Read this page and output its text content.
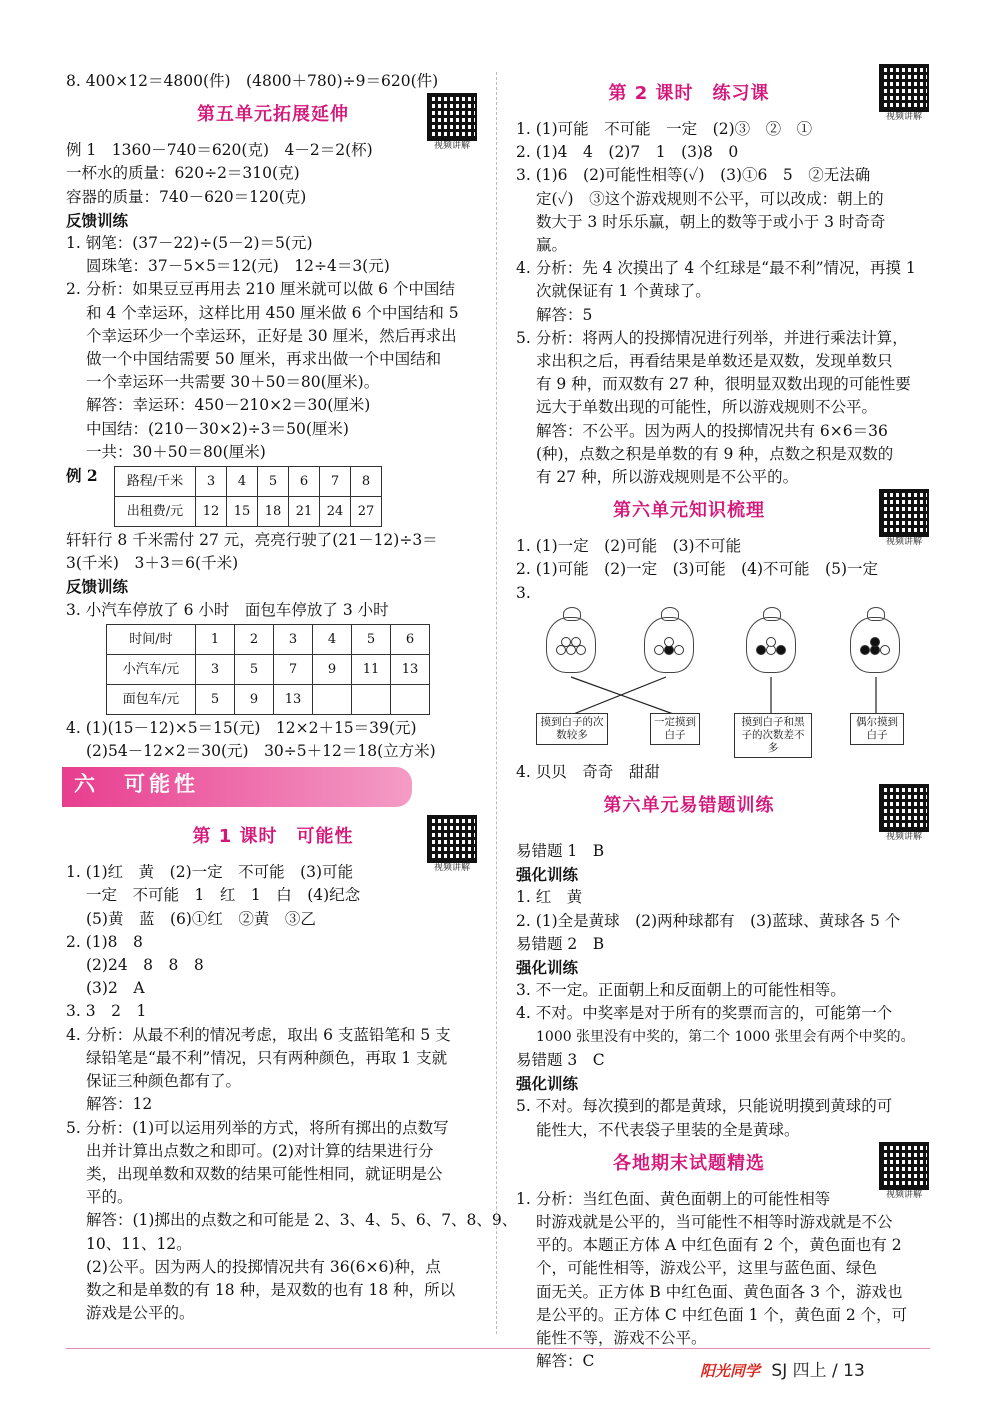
8. 400×12＝4800(件)　(4800＋780)÷9＝620(件)
第五单元拓展延伸
视频讲解
例 1　1360－740＝620(克)　4－2＝2(杯)
一杯水的质量：620÷2＝310(克)
容器的质量：740－620＝120(克)
反馈训练
1. 钢笔：(37－22)÷(5－2)＝5(元)
圆珠笔：37－5×5＝12(元)　12÷4＝3(元)
2. 分析：如果豆豆再用去 210 厘米就可以做 6 个中国结
和 4 个幸运环，这样比用 450 厘米做 6 个中国结和 5
个幸运环少一个幸运环，正好是 30 厘米，然后再求出
做一个中国结需要 50 厘米，再求出做一个中国结和
一个幸运环一共需要 30＋50＝80(厘米)。
解答：幸运环：450－210×2＝30(厘米)
中国结：(210－30×2)÷3＝50(厘米)
一共：30＋50＝80(厘米)
例 2	路程/千米	3	4	5	6	7	8
出租费/元	12	15	18	21	24	27
轩轩行 8 千米需付 27 元，亮亮行驶了(21－12)÷3＝
3(千米)　3＋3＝6(千米)
反馈训练
3. 小汽车停放了 6 小时　面包车停放了 3 小时
时间/时	1	2	3	4	5	6
小汽车/元	3	5	7	9	11	13
面包车/元	5	9	13			
4. (1)(15－12)×5＝15(元)　12×2＋15＝39(元)
(2)54－12×2＝30(元)　30÷5＋12＝18(立方米)
六　可能性
第 1 课时　可能性
视频讲解
1. (1)红　黄　(2)一定　不可能　(3)可能
一定　不可能　1　红　1　白　(4)纪念
(5)黄　蓝　(6)①红　②黄　③乙
2. (1)8　8
(2)24　8　8　8
(3)2　A
3. 3　2　1
4. 分析：从最不利的情况考虑，取出 6 支蓝铅笔和 5 支
绿铅笔是“最不利”情况，只有两种颜色，再取 1 支就
保证三种颜色都有了。
解答：12
5. 分析：(1)可以运用列举的方式，将所有掷出的点数写
出并计算出点数之和即可。(2)对计算的结果进行分
类，出现单数和双数的结果可能性相同，就证明是公
平的。
解答：(1)掷出的点数之和可能是 2、3、4、5、6、7、8、9、
10、11、12。
(2)公平。因为两人的投掷情况共有 36(6×6)种，点
数之和是单数的有 18 种，是双数的也有 18 种，所以
游戏是公平的。
第 2 课时　练习课
视频讲解
1. (1)可能　不可能　一定　(2)③　②　①
2. (1)4　4　(2)7　1　(3)8　0
3. (1)6　(2)可能性相等(✓)　(3)①6　5　②无法确
定(✓)　③这个游戏规则不公平，可以改成：朝上的
数大于 3 时乐乐赢，朝上的数等于或小于 3 时奇奇
赢。
4. 分析：先 4 次摸出了 4 个红球是“最不利”情况，再摸 1
次就保证有 1 个黄球了。
解答：5
5. 分析：将两人的投掷情况进行列举，并进行乘法计算，
求出积之后，再看结果是单数还是双数，发现单数只
有 9 种，而双数有 27 种，很明显双数出现的可能性要
远大于单数出现的可能性，所以游戏规则不公平。
解答：不公平。因为两人的投掷情况共有 6×6＝36
(种)，点数之积是单数的有 9 种，点数之积是双数的
有 27 种，所以游戏规则是不公平的。
第六单元知识梳理
视频讲解
1. (1)一定　(2)可能　(3)不可能
2. (1)可能　(2)一定　(3)可能　(4)不可能　(5)一定
3.
摸到白子的次数较多
一定摸到白子
摸到白子和黑子的次数差不多
偶尔摸到白子
4. 贝贝　奇奇　甜甜
第六单元易错题训练
视频讲解
易错题 1　B
强化训练
1. 红　黄
2. (1)全是黄球　(2)两种球都有　(3)蓝球、黄球各 5 个
易错题 2　B
强化训练
3. 不一定。正面朝上和反面朝上的可能性相等。
4. 不对。中奖率是对于所有的奖票而言的，可能第一个
1000 张里没有中奖的，第二个 1000 张里会有两个中奖的。
易错题 3　C
强化训练
5. 不对。每次摸到的都是黄球，只能说明摸到黄球的可
能性大，不代表袋子里装的全是黄球。
各地期末试题精选
视频讲解
1. 分析：当红色面、黄色面朝上的可能性相等
时游戏就是公平的，当可能性不相等时游戏就是不公
平的。本题正方体 A 中红色面有 2 个，黄色面也有 2
个，可能性相等，游戏公平，这里与蓝色面、绿色
面无关。正方体 B 中红色面、黄色面各 3 个，游戏也
是公平的。正方体 C 中红色面 1 个，黄色面 2 个，可
能性不等，游戏不公平。
解答：C
阳光同学 SJ 四上 / 13
